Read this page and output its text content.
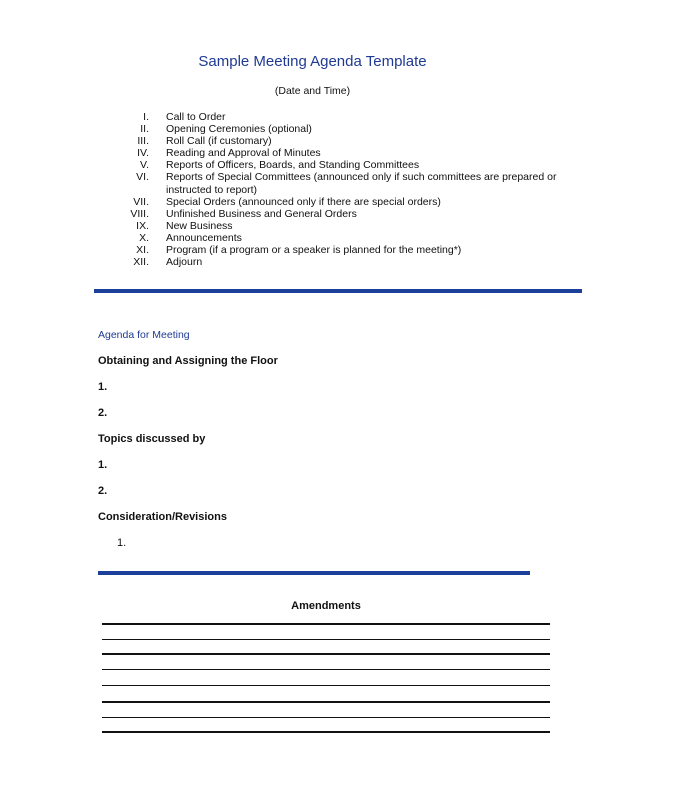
Sample Meeting Agenda Template
(Date and Time)
I. Call to Order
II. Opening Ceremonies (optional)
III. Roll Call (if customary)
IV. Reading and Approval of Minutes
V. Reports of Officers, Boards, and Standing Committees
VI. Reports of Special Committees (announced only if such committees are prepared or instructed to report)
VII. Special Orders (announced only if there are special orders)
VIII. Unfinished Business and General Orders
IX. New Business
X. Announcements
XI. Program (if a program or a speaker is planned for the meeting*)
XII. Adjourn
Agenda for Meeting
Obtaining and Assigning the Floor
1.
2.
Topics discussed by
1.
2.
Consideration/Revisions
1.
Amendments
